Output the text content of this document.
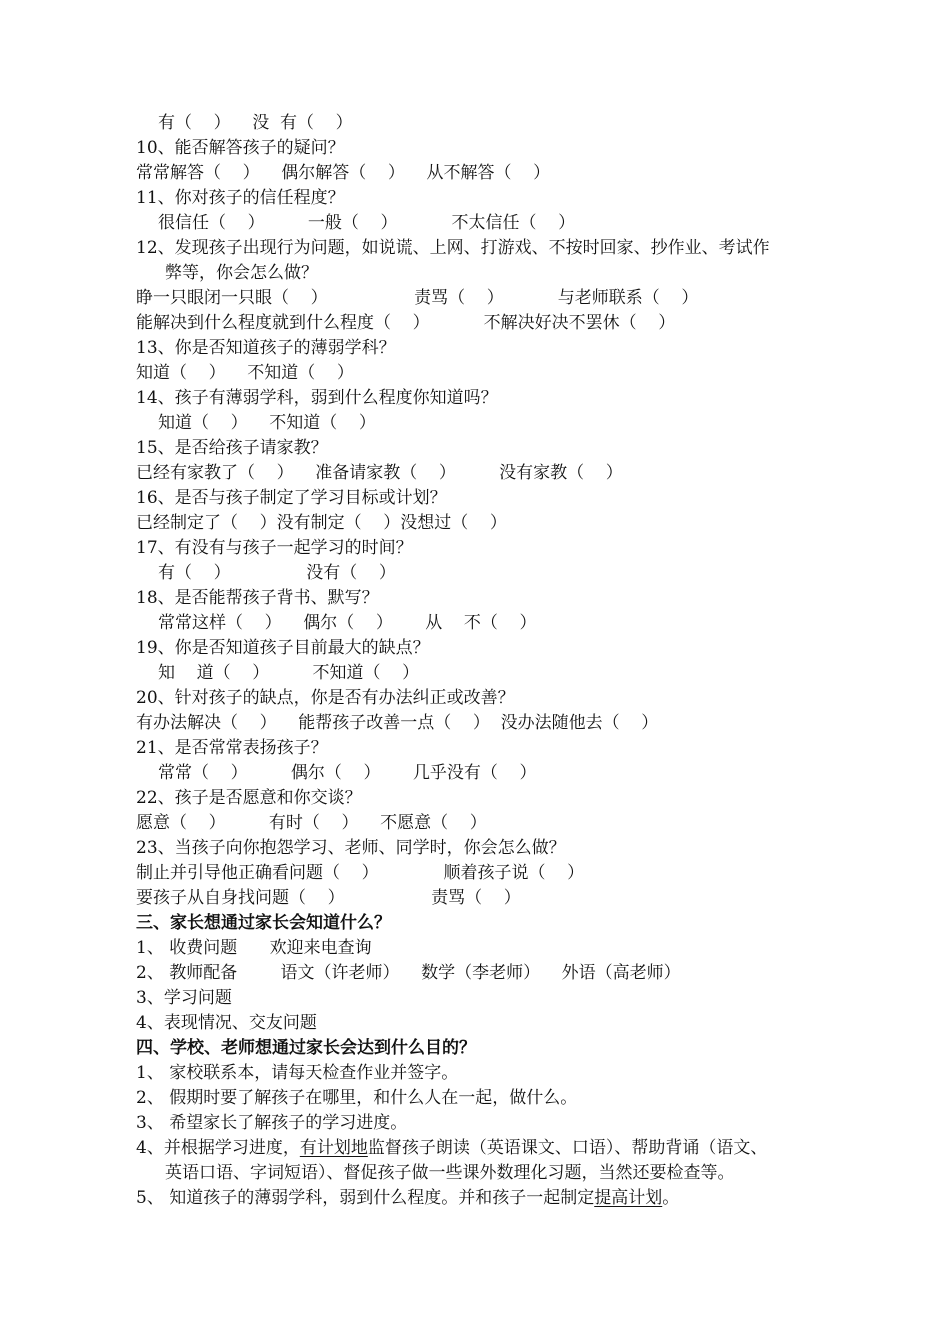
有（    ）    没  有（    ）
10、能否解答孩子的疑问？
常常解答（    ）    偶尔解答（    ）    从不解答（    ）
11、你对孩子的信任程度？
很信任（    ）        一般（    ）          不太信任（    ）
12、发现孩子出现行为问题，如说谎、上网、打游戏、不按时回家、抄作业、考试作
弊等，你会怎么做？
睁一只眼闭一只眼（    ）                责骂（    ）          与老师联系（    ）
能解决到什么程度就到什么程度（    ）          不解决好决不罢休（    ）
13、你是否知道孩子的薄弱学科？
知道（    ）    不知道（    ）
14、孩子有薄弱学科，弱到什么程度你知道吗？
知道（    ）    不知道（    ）
15、是否给孩子请家教？
已经有家教了（    ）    准备请家教（    ）        没有家教（    ）
16、是否与孩子制定了学习目标或计划？
已经制定了（    ）没有制定（    ）没想过（    ）
17、有没有与孩子一起学习的时间？
有（    ）              没有（    ）
18、是否能帮孩子背书、默写？
常常这样（    ）    偶尔（    ）      从    不（    ）
19、你是否知道孩子目前最大的缺点？
知    道（    ）        不知道（    ）
20、针对孩子的缺点，你是否有办法纠正或改善？
有办法解决（    ）    能帮孩子改善一点（    ）  没办法随他去（    ）
21、是否常常表扬孩子？
常常（    ）        偶尔（    ）      几乎没有（    ）
22、孩子是否愿意和你交谈？
愿意（    ）        有时（    ）    不愿意（    ）
23、当孩子向你抱怨学习、老师、同学时，你会怎么做？
制止并引导他正确看问题（    ）            顺着孩子说（    ）
要孩子从自身找问题（    ）                责骂（    ）
三、家长想通过家长会知道什么？
1、 收费问题      欢迎来电查询
2、 教师配备        语文（许老师）    数学（李老师）    外语（高老师）
3、学习问题
4、表现情况、交友问题
四、学校、老师想通过家长会达到什么目的？
1、 家校联系本，请每天检查作业并签字。
2、 假期时要了解孩子在哪里，和什么人在一起，做什么。
3、 希望家长了解孩子的学习进度。
4、并根据学习进度，有计划地监督孩子朗读（英语课文、口语）、帮助背诵（语文、
英语口语、字词短语）、督促孩子做一些课外数理化习题，当然还要检查等。
5、 知道孩子的薄弱学科，弱到什么程度。并和孩子一起制定提高计划。
